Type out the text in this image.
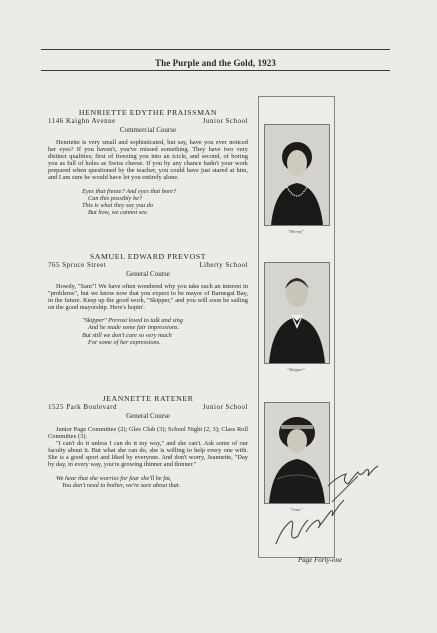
The Purple and the Gold, 1923
HENRIETTE EDYTHE PRAISSMAN
1146 Kaighn Avenue	Junior School
Commercial Course

Henriette is very small and sophisticated, but say, have you ever noticed her eyes? If you haven't, you've missed something. They have two very distinct qualities; first of freezing you into an icicle, and second, of boring you as full of holes as Swiss cheese. If you by any chance hadn't your work prepared when questioned by the teacher, you could have just stared at him, and I am sure he would have let you entirely alone.

Eyes that freeze? And eyes that bore?
Can this possibly be?
This is what they say you do
But how, we cannot see.
SAMUEL EDWARD PREVOST
765 Spruce Street	Liberty School
General Course

Howdy, "Sam"! We have often wondered why you take such an interest in "problems", but we know now that you expect to be mayor of Barnegat Bay, in the future. Keep up the good work, "Skipper," and you will soon be sailing on the good mayorship. Here's hopin'.

"Skipper" Prevost loved to talk and sing
And he made some fair impressions.
But still we don't care so very much
For some of her expressions.
JEANNETTE RATENER
1525 Park Boulevard	Junior School
General Course

Junior Page Committee (2); Glee Club (3); School Night (2, 3); Class Roll Committee (3).

"I can't do it unless I can do it my way," and she can't. Ask some of our faculty about it. But what she can do, she is willing to help every one with. She is a good sport and liked by everyone. And don't worry, Jeannette, "Day by day, in every way, you're growing thinner and thinner."

We hear that she worries for fear she'll be fat,
You don't need to bother, we're sure about that.
"Henny"
"Skipper"
"Jean"
Page Forty-one
